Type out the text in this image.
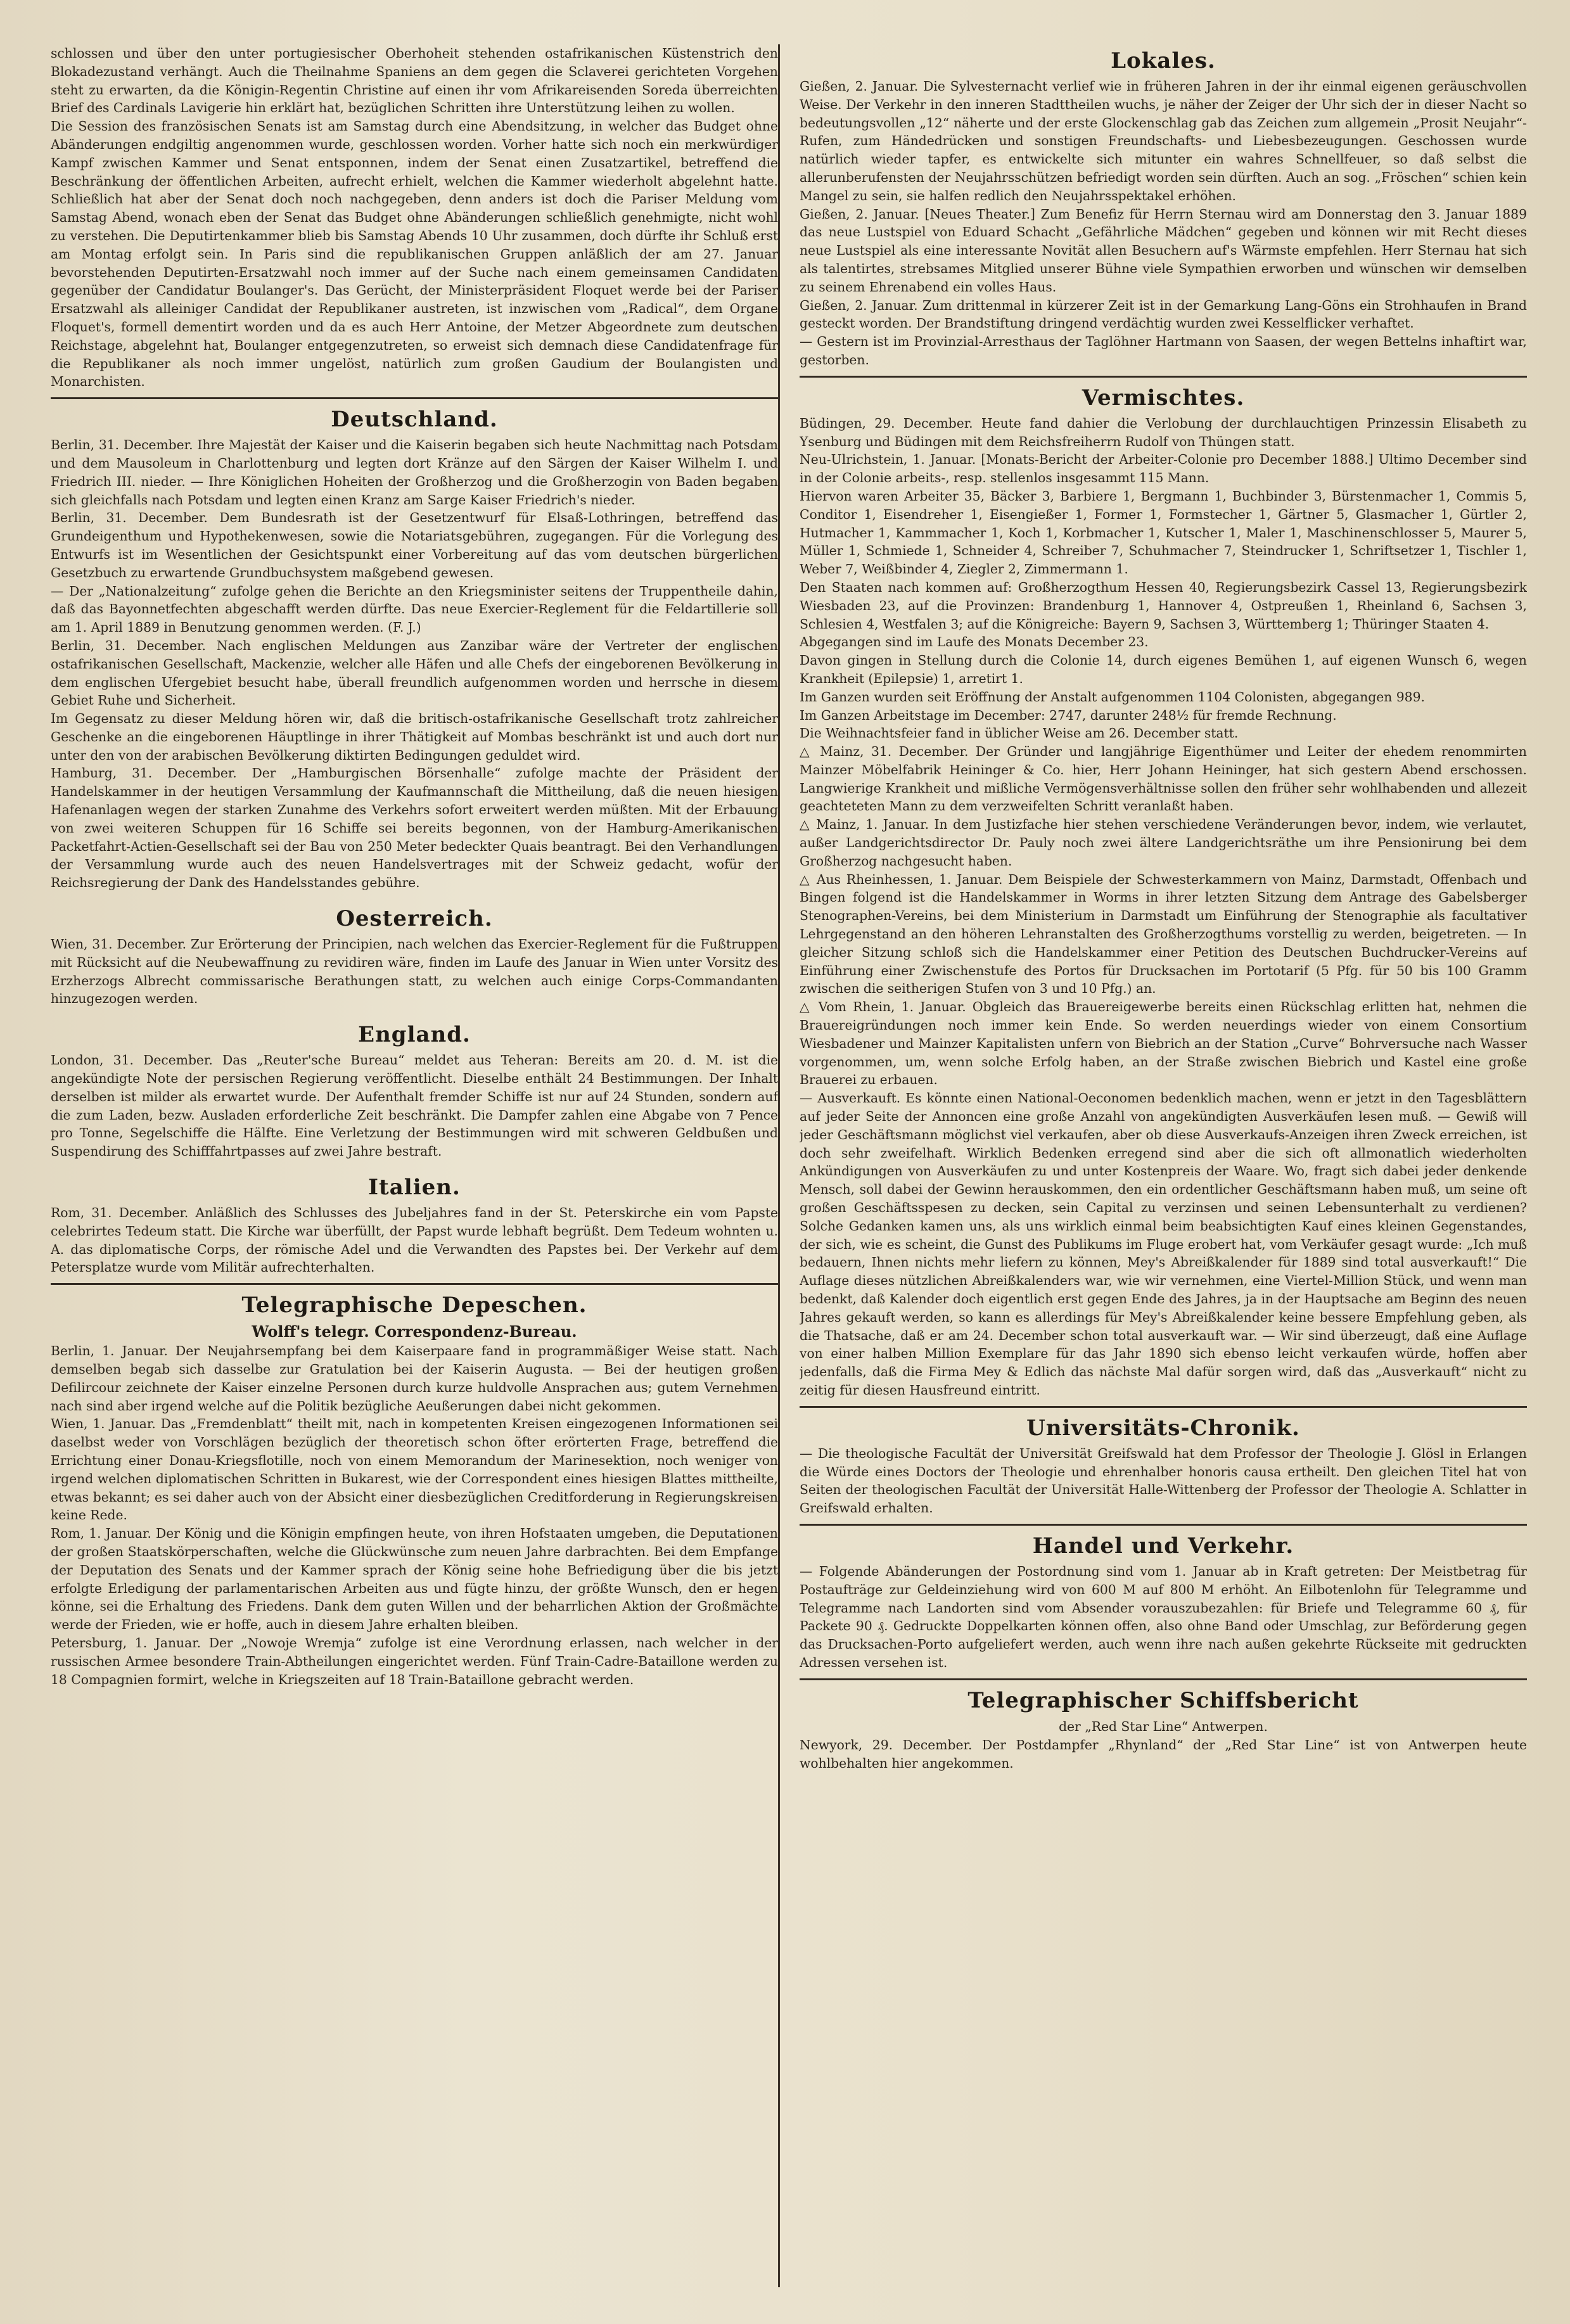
schlossen und über den unter portugiesischer Oberhoheit stehenden ostafrikanischen Küstenstrich den Blokadezustand verhängt. Auch die Theilnahme Spaniens an dem gegen die Sclaverei gerichteten Vorgehen steht zu erwarten, da die Königin-Regentin Christine auf einen ihr vom Afrikareisenden Soreda überreichten Brief des Cardinals Lavigerie hin erklärt hat, bezüglichen Schritten ihre Unterstützung leihen zu wollen.

Die Session des französischen Senats ist am Samstag durch eine Abendsitzung, in welcher das Budget ohne Abänderungen endgiltig angenommen wurde, geschlossen worden. Vorher hatte sich noch ein merkwürdiger Kampf zwischen Kammer und Senat entsponnen, indem der Senat einen Zusatzartikel, betreffend die Beschränkung der öffentlichen Arbeiten, aufrecht erhielt, welchen die Kammer wiederholt abgelehnt hatte. Schließlich hat aber der Senat doch noch nachgegeben, denn anders ist doch die Pariser Meldung vom Samstag Abend, wonach eben der Senat das Budget ohne Abänderungen schließlich genehmigte, nicht wohl zu verstehen. Die Deputirtenkammer blieb bis Samstag Abends 10 Uhr zusammen, doch dürfte ihr Schluß erst am Montag erfolgt sein. In Paris sind die republikanischen Gruppen anläßlich der am 27. Januar bevorstehenden Deputirten-Ersatzwahl noch immer auf der Suche nach einem gemeinsamen Candidaten gegenüber der Candidatur Boulanger's. Das Gerücht, der Ministerpräsident Floquet werde bei der Pariser Ersatzwahl als alleiniger Candidat der Republikaner austreten, ist inzwischen vom „Radical“, dem Organe Floquet's, formell dementirt worden und da es auch Herr Antoine, der Metzer Abgeordnete zum deutschen Reichstage, abgelehnt hat, Boulanger entgegenzutreten, so erweist sich demnach diese Candidatenfrage für die Republikaner als noch immer ungelöst, natürlich zum großen Gaudium der Boulangisten und Monarchisten.

Deutschland.

Berlin, 31. December. Ihre Majestät der Kaiser und die Kaiserin begaben sich heute Nachmittag nach Potsdam und dem Mausoleum in Charlottenburg und legten dort Kränze auf den Särgen der Kaiser Wilhelm I. und Friedrich III. nieder. — Ihre Königlichen Hoheiten der Großherzog und die Großherzogin von Baden begaben sich gleichfalls nach Potsdam und legten einen Kranz am Sarge Kaiser Friedrich's nieder.

Berlin, 31. December. Dem Bundesrath ist der Gesetzentwurf für Elsaß-Lothringen, betreffend das Grundeigenthum und Hypothekenwesen, sowie die Notariatsgebühren, zugegangen. Für die Vorlegung des Entwurfs ist im Wesentlichen der Gesichtspunkt einer Vorbereitung auf das vom deutschen bürgerlichen Gesetzbuch zu erwartende Grundbuchsystem maßgebend gewesen.

— Der „Nationalzeitung“ zufolge gehen die Berichte an den Kriegsminister seitens der Truppentheile dahin, daß das Bayonnetfechten abgeschafft werden dürfte. Das neue Exercier-Reglement für die Feldartillerie soll am 1. April 1889 in Benutzung genommen werden. (F. J.)

Berlin, 31. December. Nach englischen Meldungen aus Zanzibar wäre der Vertreter der englischen ostafrikanischen Gesellschaft, Mackenzie, welcher alle Häfen und alle Chefs der eingeborenen Bevölkerung in dem englischen Ufergebiet besucht habe, überall freundlich aufgenommen worden und herrsche in diesem Gebiet Ruhe und Sicherheit.

Im Gegensatz zu dieser Meldung hören wir, daß die britisch-ostafrikanische Gesellschaft trotz zahlreicher Geschenke an die eingeborenen Häuptlinge in ihrer Thätigkeit auf Mombas beschränkt ist und auch dort nur unter den von der arabischen Bevölkerung diktirten Bedingungen geduldet wird.

Hamburg, 31. December. Der „Hamburgischen Börsenhalle“ zufolge machte der Präsident der Handelskammer in der heutigen Versammlung der Kaufmannschaft die Mittheilung, daß die neuen hiesigen Hafenanlagen wegen der starken Zunahme des Verkehrs sofort erweitert werden müßten. Mit der Erbauung von zwei weiteren Schuppen für 16 Schiffe sei bereits begonnen, von der Hamburg-Amerikanischen Packetfahrt-Actien-Gesellschaft sei der Bau von 250 Meter bedeckter Quais beantragt. Bei den Verhandlungen der Versammlung wurde auch des neuen Handelsvertrages mit der Schweiz gedacht, wofür der Reichsregierung der Dank des Handelsstandes gebühre.

Oesterreich.

Wien, 31. December. Zur Erörterung der Principien, nach welchen das Exercier-Reglement für die Fußtruppen mit Rücksicht auf die Neubewaffnung zu revidiren wäre, finden im Laufe des Januar in Wien unter Vorsitz des Erzherzogs Albrecht commissarische Berathungen statt, zu welchen auch einige Corps-Commandanten hinzugezogen werden.

England.

London, 31. December. Das „Reuter'sche Bureau“ meldet aus Teheran: Bereits am 20. d. M. ist die angekündigte Note der persischen Regierung veröffentlicht. Dieselbe enthält 24 Bestimmungen. Der Inhalt derselben ist milder als erwartet wurde. Der Aufenthalt fremder Schiffe ist nur auf 24 Stunden, sondern auf die zum Laden, bezw. Ausladen erforderliche Zeit beschränkt. Die Dampfer zahlen eine Abgabe von 7 Pence pro Tonne, Segelschiffe die Hälfte. Eine Verletzung der Bestimmungen wird mit schweren Geldbußen und Suspendirung des Schifffahrtpasses auf zwei Jahre bestraft.

Italien.

Rom, 31. December. Anläßlich des Schlusses des Jubeljahres fand in der St. Peterskirche ein vom Papste celebrirtes Tedeum statt. Die Kirche war überfüllt, der Papst wurde lebhaft begrüßt. Dem Tedeum wohnten u. A. das diplomatische Corps, der römische Adel und die Verwandten des Papstes bei. Der Verkehr auf dem Petersplatze wurde vom Militär aufrechterhalten.

Telegraphische Depeschen.
Wolff's telegr. Correspondenz-Bureau.

Berlin, 1. Januar. Der Neujahrsempfang bei dem Kaiserpaare fand in programmäßiger Weise statt. Nach demselben begab sich dasselbe zur Gratulation bei der Kaiserin Augusta. — Bei der heutigen großen Defilircour zeichnete der Kaiser einzelne Personen durch kurze huldvolle Ansprachen aus; gutem Vernehmen nach sind aber irgend welche auf die Politik bezügliche Aeußerungen dabei nicht gekommen.

Wien, 1. Januar. Das „Fremdenblatt“ theilt mit, nach in kompetenten Kreisen eingezogenen Informationen sei daselbst weder von Vorschlägen bezüglich der theoretisch schon öfter erörterten Frage, betreffend die Errichtung einer Donau-Kriegsflotille, noch von einem Memorandum der Marinesektion, noch weniger von irgend welchen diplomatischen Schritten in Bukarest, wie der Correspondent eines hiesigen Blattes mittheilte, etwas bekannt; es sei daher auch von der Absicht einer diesbezüglichen Creditforderung in Regierungskreisen keine Rede.

Rom, 1. Januar. Der König und die Königin empfingen heute, von ihren Hofstaaten umgeben, die Deputationen der großen Staatskörperschaften, welche die Glückwünsche zum neuen Jahre darbrachten. Bei dem Empfange der Deputation des Senats und der Kammer sprach der König seine hohe Befriedigung über die bis jetzt erfolgte Erledigung der parlamentarischen Arbeiten aus und fügte hinzu, der größte Wunsch, den er hegen könne, sei die Erhaltung des Friedens. Dank dem guten Willen und der beharrlichen Aktion der Großmächte werde der Frieden, wie er hoffe, auch in diesem Jahre erhalten bleiben.

Petersburg, 1. Januar. Der „Nowoje Wremja“ zufolge ist eine Verordnung erlassen, nach welcher in der russischen Armee besondere Train-Abtheilungen eingerichtet werden. Fünf Train-Cadre-Bataillone werden zu 18 Compagnien formirt, welche in Kriegszeiten auf 18 Train-Bataillone gebracht werden.

Lokales.

Gießen, 2. Januar. Die Sylvesternacht verlief wie in früheren Jahren in der ihr einmal eigenen geräuschvollen Weise. Der Verkehr in den inneren Stadttheilen wuchs, je näher der Zeiger der Uhr sich der in dieser Nacht so bedeutungsvollen „12“ näherte und der erste Glockenschlag gab das Zeichen zum allgemein „Prosit Neujahr“-Rufen, zum Händedrücken und sonstigen Freundschafts- und Liebesbezeugungen. Geschossen wurde natürlich wieder tapfer, es entwickelte sich mitunter ein wahres Schnellfeuer, so daß selbst die allerunberufensten der Neujahrsschützen befriedigt worden sein dürften. Auch an sog. „Fröschen“ schien kein Mangel zu sein, sie halfen redlich den Neujahrsspektakel erhöhen.

Gießen, 2. Januar. [Neues Theater.] Zum Benefiz für Herrn Sternau wird am Donnerstag den 3. Januar 1889 das neue Lustspiel von Eduard Schacht „Gefährliche Mädchen“ gegeben und können wir mit Recht dieses neue Lustspiel als eine interessante Novität allen Besuchern auf's Wärmste empfehlen. Herr Sternau hat sich als talentirtes, strebsames Mitglied unserer Bühne viele Sympathien erworben und wünschen wir demselben zu seinem Ehrenabend ein volles Haus.

Gießen, 2. Januar. Zum drittenmal in kürzerer Zeit ist in der Gemarkung Lang-Göns ein Strohhaufen in Brand gesteckt worden. Der Brandstiftung dringend verdächtig wurden zwei Kesselflicker verhaftet.

— Gestern ist im Provinzial-Arresthaus der Taglöhner Hartmann von Saasen, der wegen Bettelns inhaftirt war, gestorben.

Vermischtes.

Büdingen, 29. December. Heute fand dahier die Verlobung der durchlauchtigen Prinzessin Elisabeth zu Ysenburg und Büdingen mit dem Reichsfreiherrn Rudolf von Thüngen statt.

Neu-Ulrichstein, 1. Januar. [Monats-Bericht der Arbeiter-Colonie pro December 1888.] Ultimo December sind in der Colonie arbeits-, resp. stellenlos insgesammt 115 Mann.

Hiervon waren Arbeiter 35, Bäcker 3, Barbiere 1, Bergmann 1, Buchbinder 3, Bürstenmacher 1, Commis 5, Conditor 1, Eisendreher 1, Eisengießer 1, Former 1, Formstecher 1, Gärtner 5, Glasmacher 1, Gürtler 2, Hutmacher 1, Kammmacher 1, Koch 1, Korbmacher 1, Kutscher 1, Maler 1, Maschinenschlosser 5, Maurer 5, Müller 1, Schmiede 1, Schneider 4, Schreiber 7, Schuhmacher 7, Steindrucker 1, Schriftsetzer 1, Tischler 1, Weber 7, Weißbinder 4, Ziegler 2, Zimmermann 1.

Den Staaten nach kommen auf: Großherzogthum Hessen 40, Regierungsbezirk Cassel 13, Regierungsbezirk Wiesbaden 23, auf die Provinzen: Brandenburg 1, Hannover 4, Ostpreußen 1, Rheinland 6, Sachsen 3, Schlesien 4, Westfalen 3; auf die Königreiche: Bayern 9, Sachsen 3, Württemberg 1; Thüringer Staaten 4.

Abgegangen sind im Laufe des Monats December 23.

Davon gingen in Stellung durch die Colonie 14, durch eigenes Bemühen 1, auf eigenen Wunsch 6, wegen Krankheit (Epilepsie) 1, arretirt 1.

Im Ganzen wurden seit Eröffnung der Anstalt aufgenommen 1104 Colonisten, abgegangen 989.

Im Ganzen Arbeitstage im December: 2747, darunter 248½ für fremde Rechnung.

Die Weihnachtsfeier fand in üblicher Weise am 26. December statt.

△ Mainz, 31. December. Der Gründer und langjährige Eigenthümer und Leiter der ehedem renommirten Mainzer Möbelfabrik Heininger & Co. hier, Herr Johann Heininger, hat sich gestern Abend erschossen. Langwierige Krankheit und mißliche Vermögensverhältnisse sollen den früher sehr wohlhabenden und allezeit geachteteten Mann zu dem verzweifelten Schritt veranlaßt haben.

△ Mainz, 1. Januar. In dem Justizfache hier stehen verschiedene Veränderungen bevor, indem, wie verlautet, außer Landgerichtsdirector Dr. Pauly noch zwei ältere Landgerichtsräthe um ihre Pensionirung bei dem Großherzog nachgesucht haben.

△ Aus Rheinhessen, 1. Januar. Dem Beispiele der Schwesterkammern von Mainz, Darmstadt, Offenbach und Bingen folgend ist die Handelskammer in Worms in ihrer letzten Sitzung dem Antrage des Gabelsberger Stenographen-Vereins, bei dem Ministerium in Darmstadt um Einführung der Stenographie als facultativer Lehrgegenstand an den höheren Lehranstalten des Großherzogthums vorstellig zu werden, beigetreten. — In gleicher Sitzung schloß sich die Handelskammer einer Petition des Deutschen Buchdrucker-Vereins auf Einführung einer Zwischenstufe des Portos für Drucksachen im Portotarif (5 Pfg. für 50 bis 100 Gramm zwischen die seitherigen Stufen von 3 und 10 Pfg.) an.

△ Vom Rhein, 1. Januar. Obgleich das Brauereigewerbe bereits einen Rückschlag erlitten hat, nehmen die Brauereigründungen noch immer kein Ende. So werden neuerdings wieder von einem Consortium Wiesbadener und Mainzer Kapitalisten unfern von Biebrich an der Station „Curve“ Bohrversuche nach Wasser vorgenommen, um, wenn solche Erfolg haben, an der Straße zwischen Biebrich und Kastel eine große Brauerei zu erbauen.

— Ausverkauft. Es könnte einen National-Oeconomen bedenklich machen, wenn er jetzt in den Tagesblättern auf jeder Seite der Annoncen eine große Anzahl von angekündigten Ausverkäufen lesen muß. — Gewiß will jeder Geschäftsmann möglichst viel verkaufen, aber ob diese Ausverkaufs-Anzeigen ihren Zweck erreichen, ist doch sehr zweifelhaft. Wirklich Bedenken erregend sind aber die sich oft allmonatlich wiederholten Ankündigungen von Ausverkäufen zu und unter Kostenpreis der Waare. Wo, fragt sich dabei jeder denkende Mensch, soll dabei der Gewinn herauskommen, den ein ordentlicher Geschäftsmann haben muß, um seine oft großen Geschäftsspesen zu decken, sein Capital zu verzinsen und seinen Lebensunterhalt zu verdienen? Solche Gedanken kamen uns, als uns wirklich einmal beim beabsichtigten Kauf eines kleinen Gegenstandes, der sich, wie es scheint, die Gunst des Publikums im Fluge erobert hat, vom Verkäufer gesagt wurde: „Ich muß bedauern, Ihnen nichts mehr liefern zu können, Mey's Abreißkalender für 1889 sind total ausverkauft!“ Die Auflage dieses nützlichen Abreißkalenders war, wie wir vernehmen, eine Viertel-Million Stück, und wenn man bedenkt, daß Kalender doch eigentlich erst gegen Ende des Jahres, ja in der Hauptsache am Beginn des neuen Jahres gekauft werden, so kann es allerdings für Mey's Abreißkalender keine bessere Empfehlung geben, als die Thatsache, daß er am 24. December schon total ausverkauft war. — Wir sind überzeugt, daß eine Auflage von einer halben Million Exemplare für das Jahr 1890 sich ebenso leicht verkaufen würde, hoffen aber jedenfalls, daß die Firma Mey & Edlich das nächste Mal dafür sorgen wird, daß das „Ausverkauft“ nicht zu zeitig für diesen Hausfreund eintritt.

Universitäts-Chronik.

— Die theologische Facultät der Universität Greifswald hat dem Professor der Theologie J. Glösl in Erlangen die Würde eines Doctors der Theologie und ehrenhalber honoris causa ertheilt. Den gleichen Titel hat von Seiten der theologischen Facultät der Universität Halle-Wittenberg der Professor der Theologie A. Schlatter in Greifswald erhalten.

Handel und Verkehr.

— Folgende Abänderungen der Postordnung sind vom 1. Januar ab in Kraft getreten: Der Meistbetrag für Postaufträge zur Geldeinziehung wird von 600 M auf 800 M erhöht. An Eilbotenlohn für Telegramme und Telegramme nach Landorten sind vom Absender vorauszubezahlen: für Briefe und Telegramme 60 ₰, für Packete 90 ₰. Gedruckte Doppelkarten können offen, also ohne Band oder Umschlag, zur Beförderung gegen das Drucksachen-Porto aufgeliefert werden, auch wenn ihre nach außen gekehrte Rückseite mit gedruckten Adressen versehen ist.

Telegraphischer Schiffsbericht
der „Red Star Line“ Antwerpen.

Newyork, 29. December. Der Postdampfer „Rhynland“ der „Red Star Line“ ist von Antwerpen heute wohlbehalten hier angekommen.
